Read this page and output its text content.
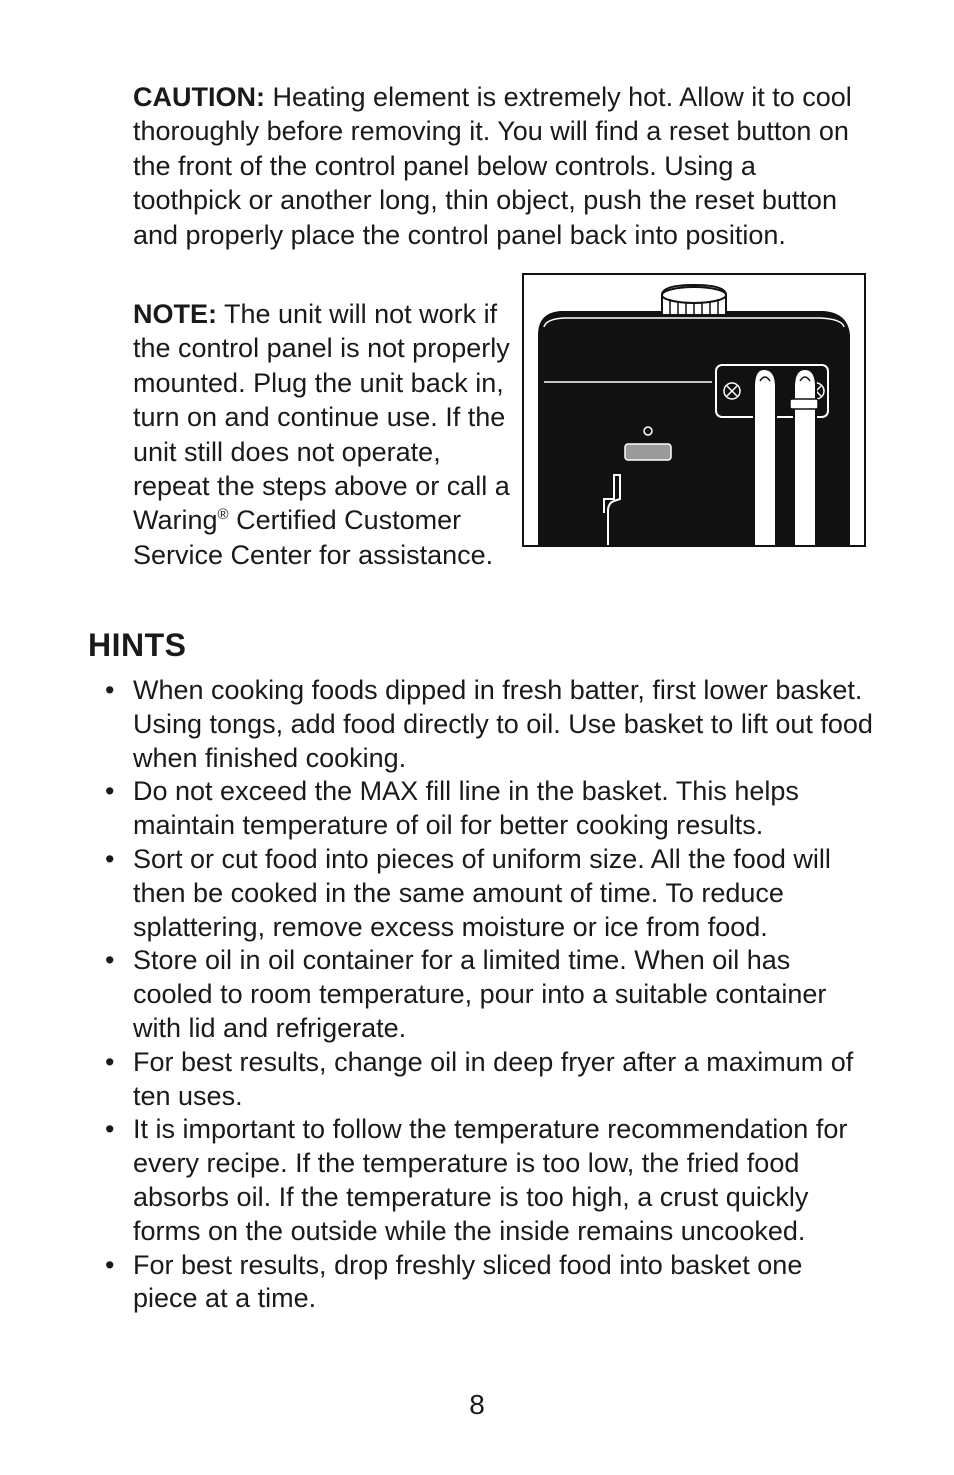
CAUTION: Heating element is extremely hot. Allow it to cool thoroughly before removing it. You will find a reset button on the front of the control panel below controls. Using a toothpick or another long, thin object, push the reset button and properly place the control panel back into position.

NOTE: The unit will not work if the control panel is not properly mounted. Plug the unit back in, turn on and continue use. If the unit still does not operate, repeat the steps above or call a Waring® Certified Customer Service Center for assistance.

HINTS
• When cooking foods dipped in fresh batter, first lower basket. Using tongs, add food directly to oil. Use basket to lift out food when finished cooking.
• Do not exceed the MAX fill line in the basket. This helps maintain temperature of oil for better cooking results.
• Sort or cut food into pieces of uniform size. All the food will then be cooked in the same amount of time. To reduce splattering, remove excess moisture or ice from food.
• Store oil in oil container for a limited time. When oil has cooled to room temperature, pour into a suitable container with lid and refrigerate.
• For best results, change oil in deep fryer after a maximum of ten uses.
• It is important to follow the temperature recommendation for every recipe. If the temperature is too low, the fried food absorbs oil. If the temperature is too high, a crust quickly forms on the outside while the inside remains uncooked.
• For best results, drop freshly sliced food into basket one piece at a time.
8
